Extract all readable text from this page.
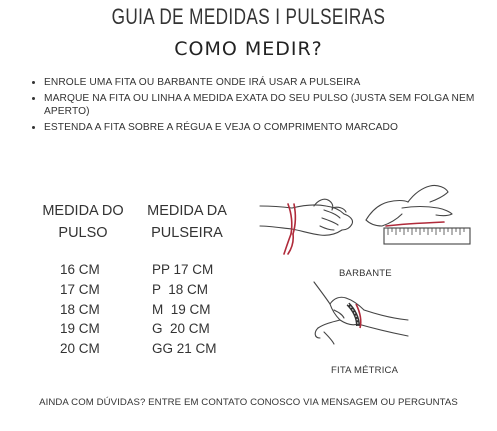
GUIA DE MEDIDAS I PULSEIRAS
COMO MEDIR?
• ENROLE UMA FITA OU BARBANTE ONDE IRÁ USAR A PULSEIRA
• MARQUE NA FITA OU LINHA A MEDIDA EXATA DO SEU PULSO (JUSTA SEM FOLGA NEM APERTO)
• ESTENDA A FITA SOBRE A RÉGUA E VEJA O COMPRIMENTO MARCADO
MEDIDA DO
PULSO
MEDIDA DA
PULSEIRA
16 CM
17 CM
18 CM
19 CM
20 CM
PP 17 CM
P  18 CM
M  19 CM
G  20 CM
GG 21 CM
BARBANTE
FITA MÉTRICA
AINDA COM DÚVIDAS? ENTRE EM CONTATO CONOSCO VIA MENSAGEM OU PERGUNTAS
